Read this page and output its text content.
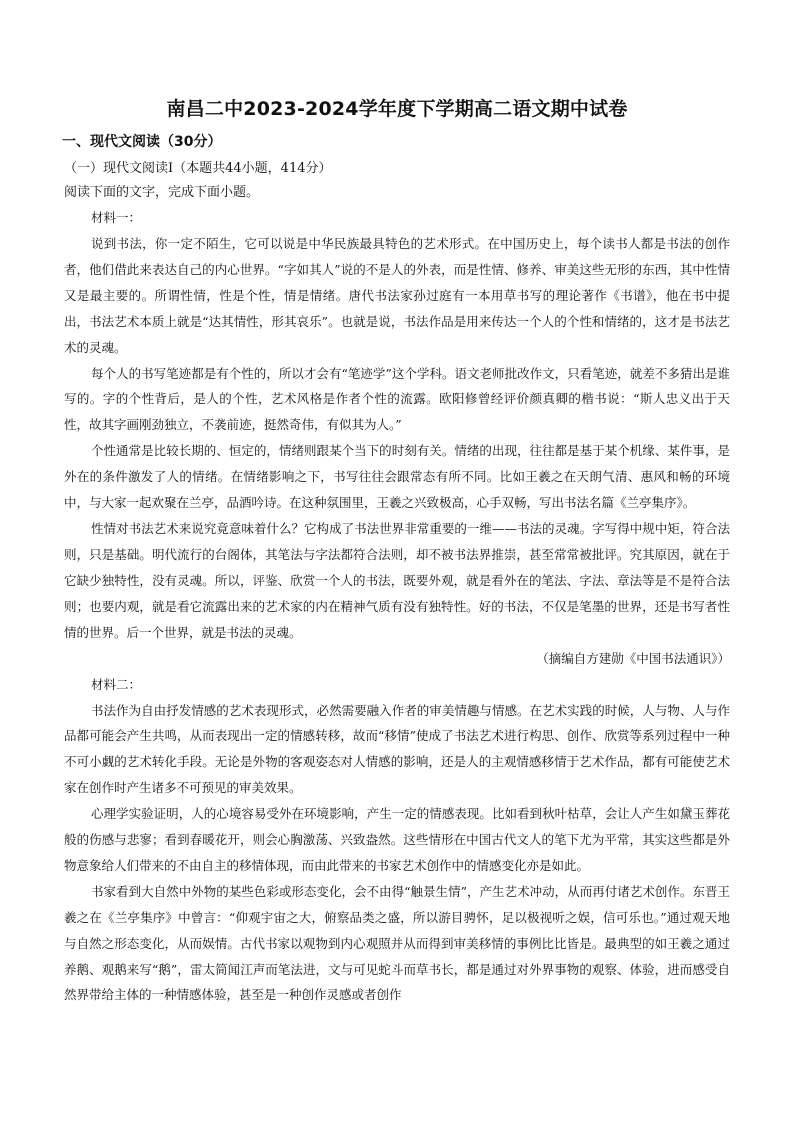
南昌二中2023-2024学年度下学期高二语文期中试卷
一、现代文阅读（30分）
（一）现代文阅读Ⅰ（本题共44小题，414分）
阅读下面的文字，完成下面小题。
材料一：

说到书法，你一定不陌生，它可以说是中华民族最具特色的艺术形式。在中国历史上，每个读书人都是书法的创作者，他们借此来表达自己的内心世界。“字如其人”说的不是人的外表，而是性情、修养、审美这些无形的东西，其中性情又是最主要的。所谓性情，性是个性，情是情绪。唐代书法家孙过庭有一本用草书写的理论著作《书谱》，他在书中提出，书法艺术本质上就是“达其情性，形其哀乐”。也就是说，书法作品是用来传达一个人的个性和情绪的，这才是书法艺术的灵魂。

每个人的书写笔迹都是有个性的，所以才会有“笔迹学”这个学科。语文老师批改作文，只看笔迹，就差不多猜出是谁写的。字的个性背后，是人的个性，艺术风格是作者个性的流露。欧阳修曾经评价颜真卿的楷书说：“斯人忠义出于天性，故其字画刚劲独立，不袭前迹，挺然奇伟，有似其为人。”

个性通常是比较长期的、恒定的，情绪则跟某个当下的时刻有关。情绪的出现，往往都是基于某个机缘、某件事，是外在的条件激发了人的情绪。在情绪影响之下，书写往往会跟常态有所不同。比如王羲之在天朗气清、惠风和畅的环境中，与大家一起欢聚在兰亭，品酒吟诗。在这种氛围里，王羲之兴致极高，心手双畅，写出书法名篇《兰亭集序》。

性情对书法艺术来说究竟意味着什么？它构成了书法世界非常重要的一维——书法的灵魂。字写得中规中矩，符合法则，只是基础。明代流行的台阁体，其笔法与字法都符合法则，却不被书法界推崇，甚至常常被批评。究其原因，就在于它缺少独特性，没有灵魂。所以，评鉴、欣赏一个人的书法，既要外观，就是看外在的笔法、字法、章法等是不是符合法则；也要内观，就是看它流露出来的艺术家的内在精神气质有没有独特性。好的书法，不仅是笔墨的世界，还是书写者性情的世界。后一个世界，就是书法的灵魂。

（摘编自方建勋《中国书法通识》）

材料二：

书法作为自由抒发情感的艺术表现形式，必然需要融入作者的审美情趣与情感。在艺术实践的时候，人与物、人与作品都可能会产生共鸣，从而表现出一定的情感转移，故而“移情”使成了书法艺术进行构思、创作、欣赏等系列过程中一种不可小觑的艺术转化手段。无论是外物的客观姿态对人情感的影响，还是人的主观情感移情于艺术作品，都有可能使艺术家在创作时产生诸多不可预见的审美效果。

心理学实验证明，人的心境容易受外在环境影响，产生一定的情感表现。比如看到秋叶枯草，会让人产生如黛玉葬花般的伤感与悲寥；看到春暖花开，则会心胸激荡、兴致盎然。这些情形在中国古代文人的笔下尤为平常，其实这些都是外物意象给人们带来的不由自主的移情体现，而由此带来的书家艺术创作中的情感变化亦是如此。

书家看到大自然中外物的某些色彩或形态变化，会不由得“触景生情”，产生艺术冲动，从而再付诸艺术创作。东晋王羲之在《兰亭集序》中曾言：“仰观宇宙之大，俯察品类之盛，所以游目骋怀，足以极视听之娱，信可乐也。”通过观天地与自然之形态变化，从而娱情。古代书家以观物到内心观照并从而得到审美移情的事例比比皆是。最典型的如王羲之通过养鹅、观鹅来写“鹅”，雷太简闻江声而笔法进，文与可见蛇斗而草书长，都是通过对外界事物的观察、体验，进而感受自然界带给主体的一种情感体验，甚至是一种创作灵感或者创作
